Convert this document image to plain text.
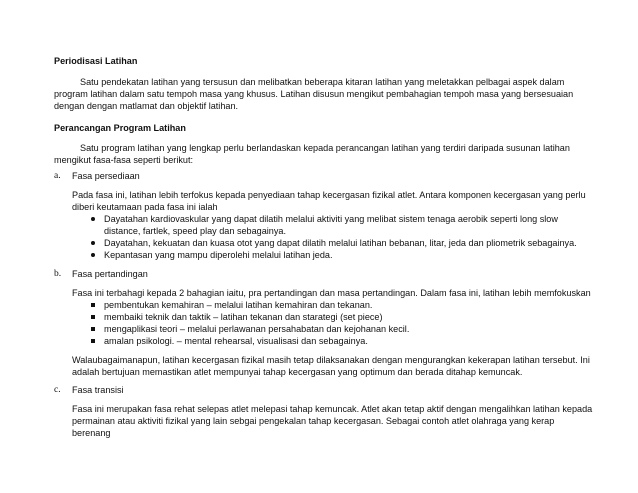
Periodisasi Latihan
Satu pendekatan latihan yang tersusun dan melibatkan beberapa kitaran latihan yang meletakkan pelbagai aspek dalam program latihan dalam satu tempoh masa yang khusus. Latihan disusun mengikut pembahagian tempoh masa yang bersesuaian dengan dengan matlamat dan objektif latihan.
Perancangan Program Latihan
Satu program latihan yang lengkap perlu berlandaskan kepada perancangan latihan yang terdiri daripada susunan latihan mengikut fasa-fasa seperti berikut:
a. Fasa persediaan
Pada fasa ini, latihan lebih terfokus kepada penyediaan tahap kecergasan fizikal atlet. Antara komponen kecergasan yang perlu diberi keutamaan pada fasa ini ialah
Dayatahan kardiovaskular yang dapat dilatih melalui aktiviti yang melibat sistem tenaga aerobik seperti long slow distance, fartlek, speed play dan sebagainya.
Dayatahan, kekuatan dan kuasa otot yang dapat dilatih melalui latihan bebanan, litar, jeda dan pliometrik sebagainya.
Kepantasan yang mampu diperolehi melalui latihan jeda.
b. Fasa pertandingan
Fasa ini terbahagi kepada 2 bahagian iaitu, pra pertandingan dan masa pertandingan. Dalam fasa ini, latihan lebih memfokuskan
pembentukan kemahiran – melalui latihan kemahiran dan tekanan.
membaiki teknik dan taktik – latihan tekanan dan starategi (set piece)
mengaplikasi teori – melalui perlawanan persahabatan dan kejohanan kecil.
amalan psikologi. – mental rehearsal, visualisasi dan sebagainya.
Walaubagaimanapun, latihan kecergasan fizikal masih tetap dilaksanakan dengan mengurangkan kekerapan latihan tersebut. Ini adalah bertujuan memastikan atlet mempunyai tahap kecergasan yang optimum dan berada ditahap kemuncak.
c. Fasa transisi
Fasa ini merupakan fasa rehat selepas atlet melepasi tahap kemuncak. Atlet akan tetap aktif dengan mengalihkan latihan kepada permainan atau aktiviti fizikal yang lain sebgai pengekalan tahap kecergasan. Sebagai contoh atlet olahraga yang kerap berenang
